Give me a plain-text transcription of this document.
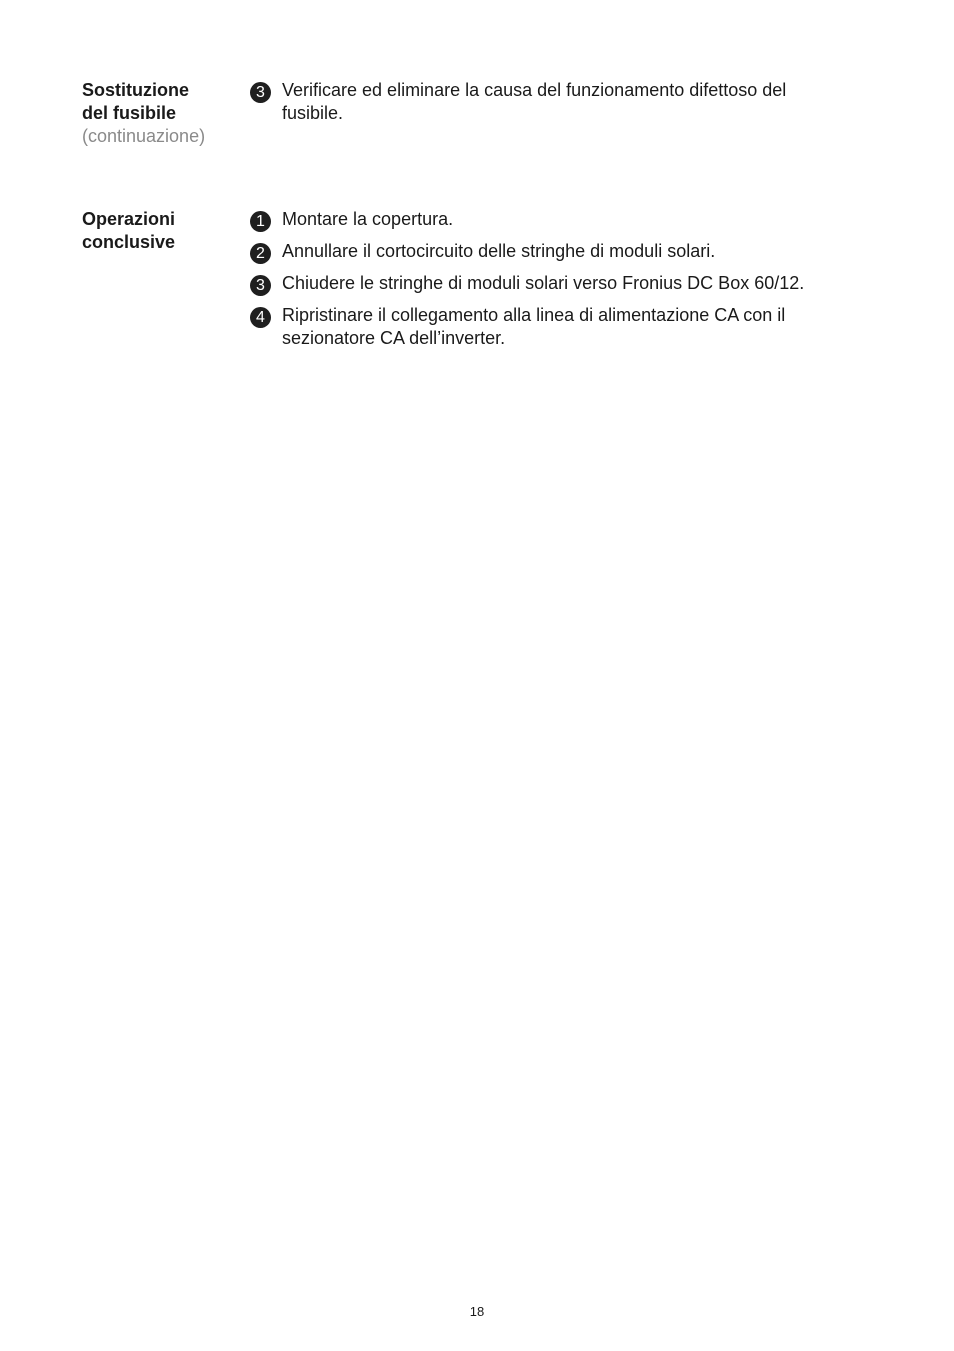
Sostituzione
del fusibile
(continuazione)
3 Verificare ed eliminare la causa del funzionamento difettoso del fusibile.
Operazioni
conclusive
1 Montare la copertura.
2 Annullare il cortocircuito delle stringhe di moduli solari.
3 Chiudere le stringhe di moduli solari verso Fronius DC Box 60/12.
4 Ripristinare il collegamento alla linea di alimentazione CA con il sezionatore CA dell’inverter.
18
